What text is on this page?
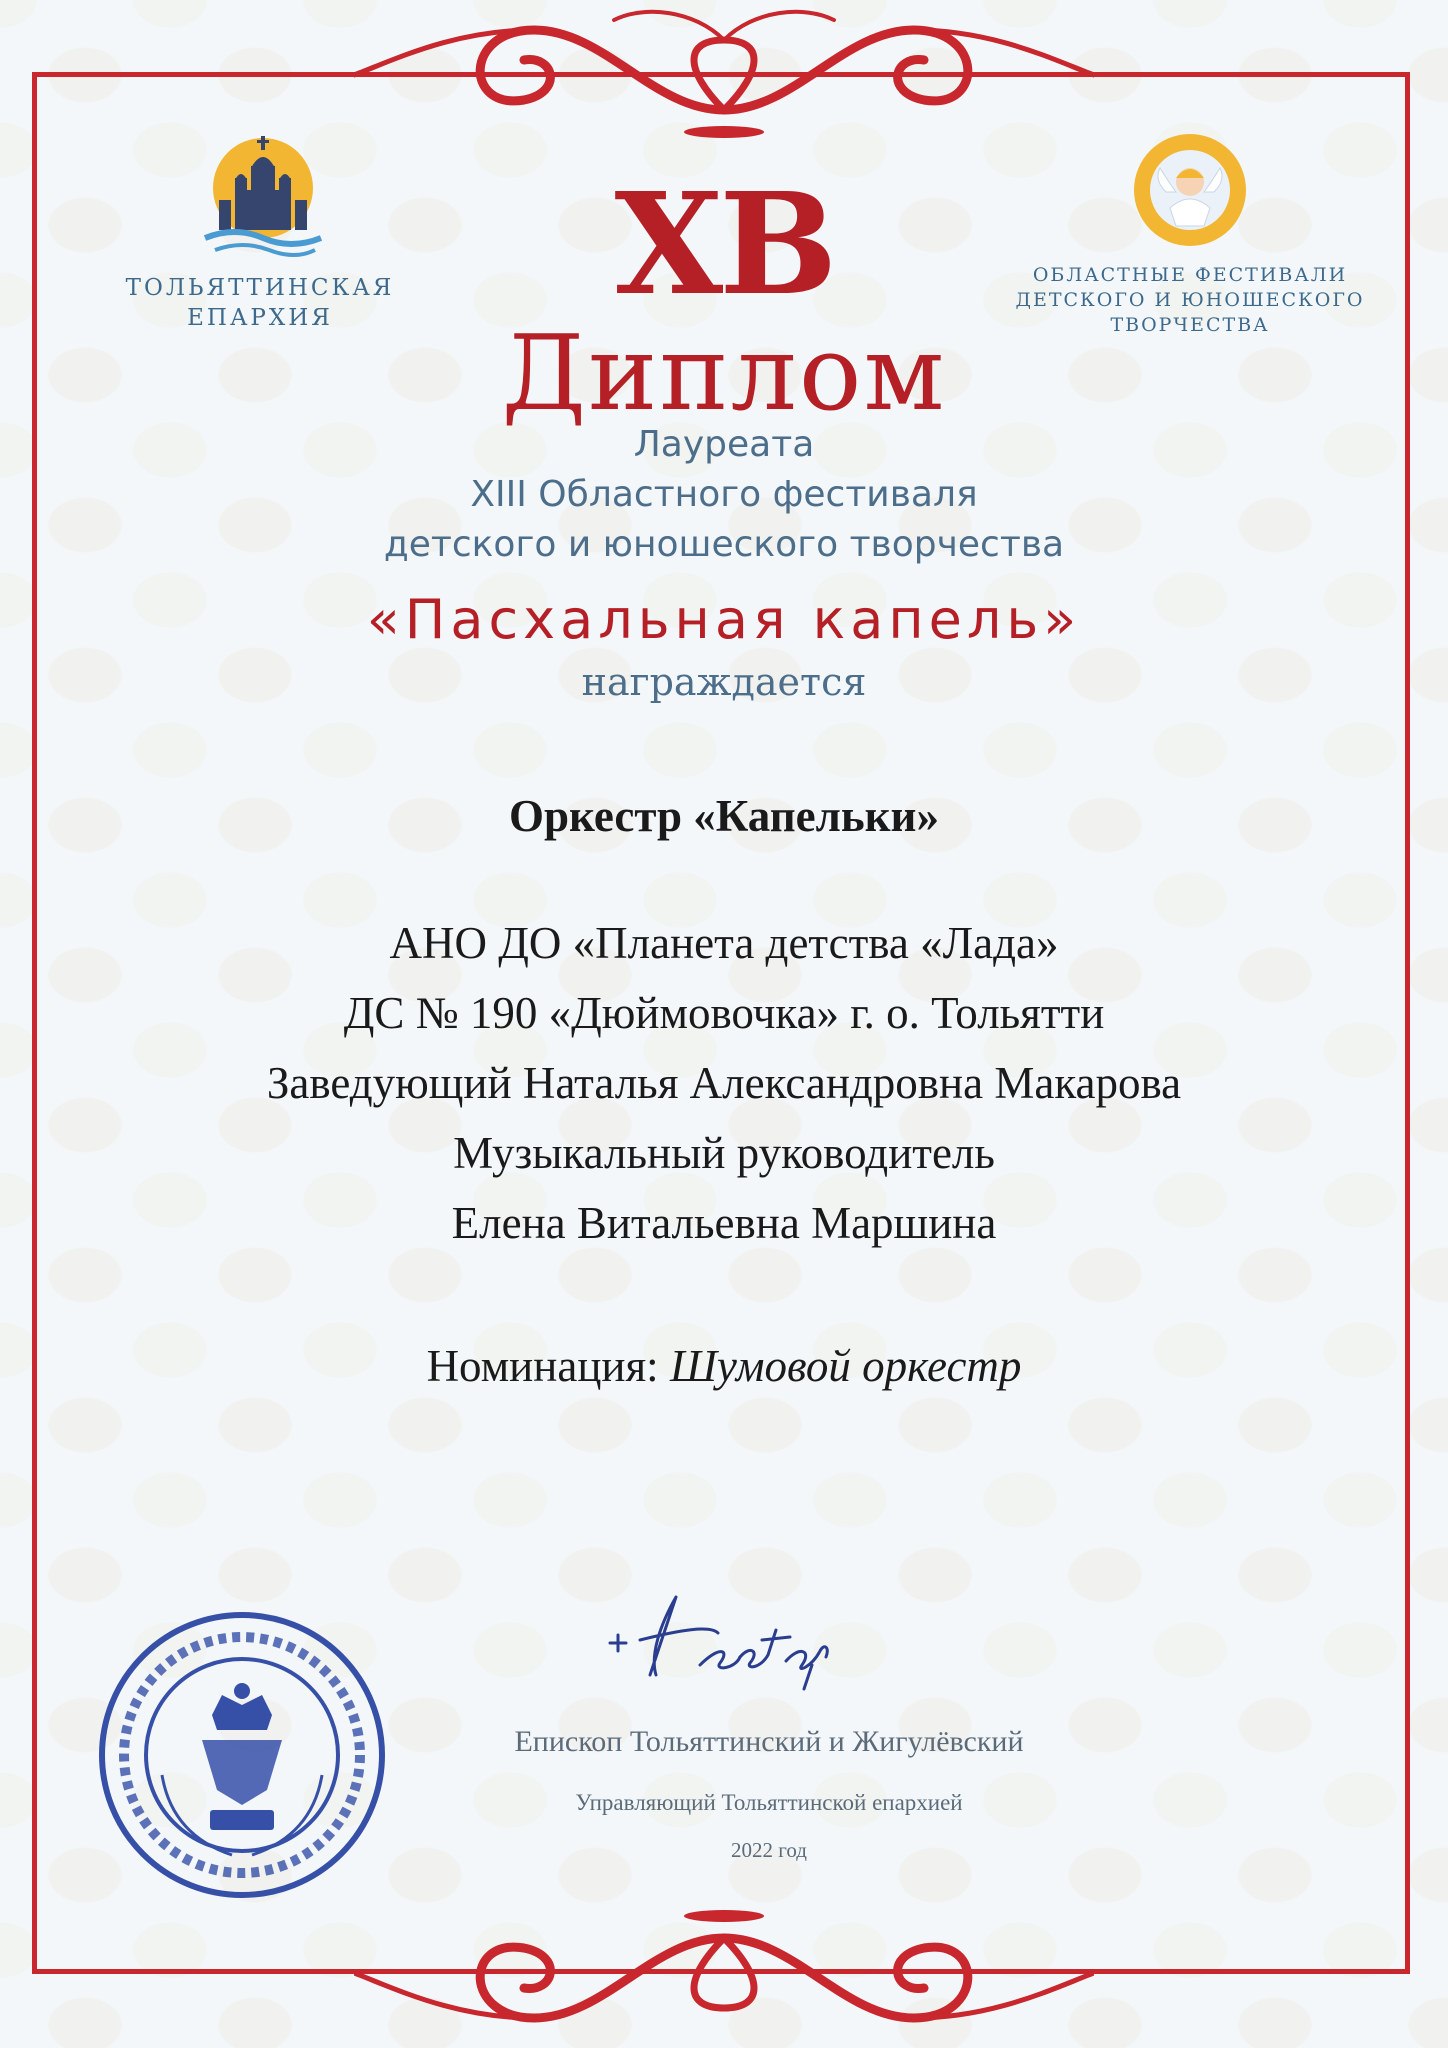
ТОЛЬЯТТИНСКАЯ
ЕПАРХИЯ
ОБЛАСТНЫЕ ФЕСТИВАЛИ
ДЕТСКОГО И ЮНОШЕСКОГО
ТВОРЧЕСТВА
ХВ
Диплом
Лауреата
XIII Областного фестиваля
детского и юношеского творчества
«Пасхальная капель»
награждается
Оркестр «Капельки»
АНО ДО «Планета детства «Лада»
ДС № 190 «Дюймовочка» г. о. Тольятти
Заведующий Наталья Александровна Макарова
Музыкальный руководитель
Елена Витальевна Маршина
Номинация: Шумовой оркестр
Епископ Тольяттинский и Жигулёвский
Управляющий Тольяттинской епархией
2022 год
